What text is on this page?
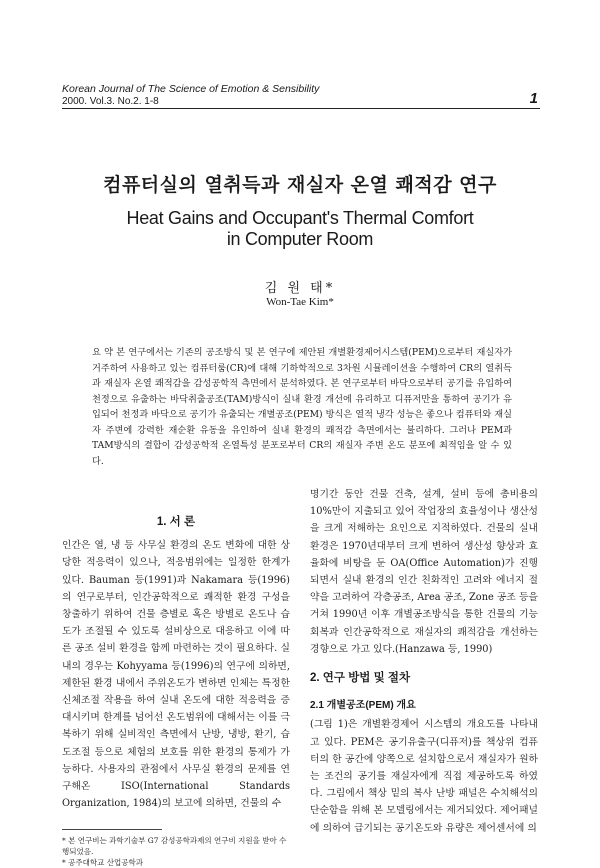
Korean Journal of The Science of Emotion & Sensibility
2000. Vol.3. No.2. 1-8	1
컴퓨터실의 열취득과 재실자 온열 쾌적감 연구
Heat Gains and Occupant's Thermal Comfort
in Computer Room
김 원 태*
Won-Tae Kim*
요 약 본 연구에서는 기존의 공조방식 및 본 연구에 제안된 개별환경제어시스템(PEM)으로부터 재실자가 거주하여 사용하고 있는 컴퓨터룸(CR)에 대해 기하학적으로 3차원 시뮬레이션을 수행하여 CR의 열취득과 재실자 온열 쾌적감을 감성공학적 측면에서 분석하였다. 본 연구로부터 바닥으로부터 공기를 유입하여 천정으로 유출하는 바닥취출공조(TAM)방식이 실내 환경 개선에 유리하고 디퓨저만을 통하여 공기가 유입되어 천정과 바닥으로 공기가 유출되는 개별공조(PEM) 방식은 열적 냉각 성능은 좋으나 컴퓨터와 재실자 주변에 강력한 재순환 유동을 유인하여 실내 환경의 쾌적감 측면에서는 불리하다. 그러나 PEM과 TAM방식의 결합이 감성공학적 온열특성 분포로부터 CR의 재실자 주변 온도 분포에 최적임을 알 수 있다.
1. 서 론

인간은 열, 냉 등 사무실 환경의 온도 변화에 대한 상당한 적응력이 있으나, 적응범위에는 일정한 한계가 있다. Bauman 등(1991)과 Nakamara 등(1996)의 연구로부터, 인간공학적으로 쾌적한 환경 구성을 창출하기 위하여 건물 층별로 혹은 방별로 온도나 습도가 조절될 수 있도록 설비상으로 대응하고 이에 따른 공조 설비 환경을 함께 마련하는 것이 필요하다. 실내의 경우는 Kohyyama 등(1996)의 연구에 의하면, 제한된 환경 내에서 주위온도가 변하면 인체는 특정한 신체조절 작용을 하여 실내 온도에 대한 적응력을 증대시키며 한계를 넘어선 온도범위에 대해서는 이를 극복하기 위해 실비적인 측면에서 난방, 냉방, 환기, 습도조절 등으로 체험의 보호를 위한 환경의 통제가 가능하다. 사용자의 관점에서 사무실 환경의 문제를 연구해온 ISO(International Standards Organization, 1984)의 보고에 의하면, 건물의 수

명기간 동안 건물 건축, 설계, 설비 등에 총비용의 10%만이 지출되고 있어 작업장의 효율성이나 생산성을 크게 저해하는 요인으로 지적하였다. 건물의 실내 환경은 1970년대부터 크게 변하여 생산성 향상과 효율화에 비탕을 둔 OA(Office Automation)가 진행되면서 실내 환경의 인간 친화적인 고려와 에너지 절약을 고려하여 각층공조, Area 공조, Zone 공조 등을 거쳐 1990년 이후 개별공조방식을 통한 건물의 기능 회복과 인간공학적으로 재실자의 쾌적감을 개선하는 경향으로 가고 있다.(Hanzawa 등, 1990)

2. 연구 방법 및 절차
2.1 개별공조(PEM) 개요

(그림 1)은 개별환경제어 시스템의 개요도를 나타내고 있다. PEM은 공기유출구(디퓨저)를 책상위 컴퓨터의 한 공간에 양쪽으로 설치함으로서 재실자가 원하는 조건의 공기를 재실자에게 직접 제공하도록 하였다. 그림에서 책상 밑의 복사 난방 패널은 수치해석의 단순함을 위해 본 모델링에서는 제거되었다. 제어패널에 의하여 급기되는 공기온도와 유량은 제어센서에 의

* 본 연구비는 과학기술부 G7 감성공학과제의 연구비 지원을 받아 수행되었음.

* 공주대학교 산업공학과
